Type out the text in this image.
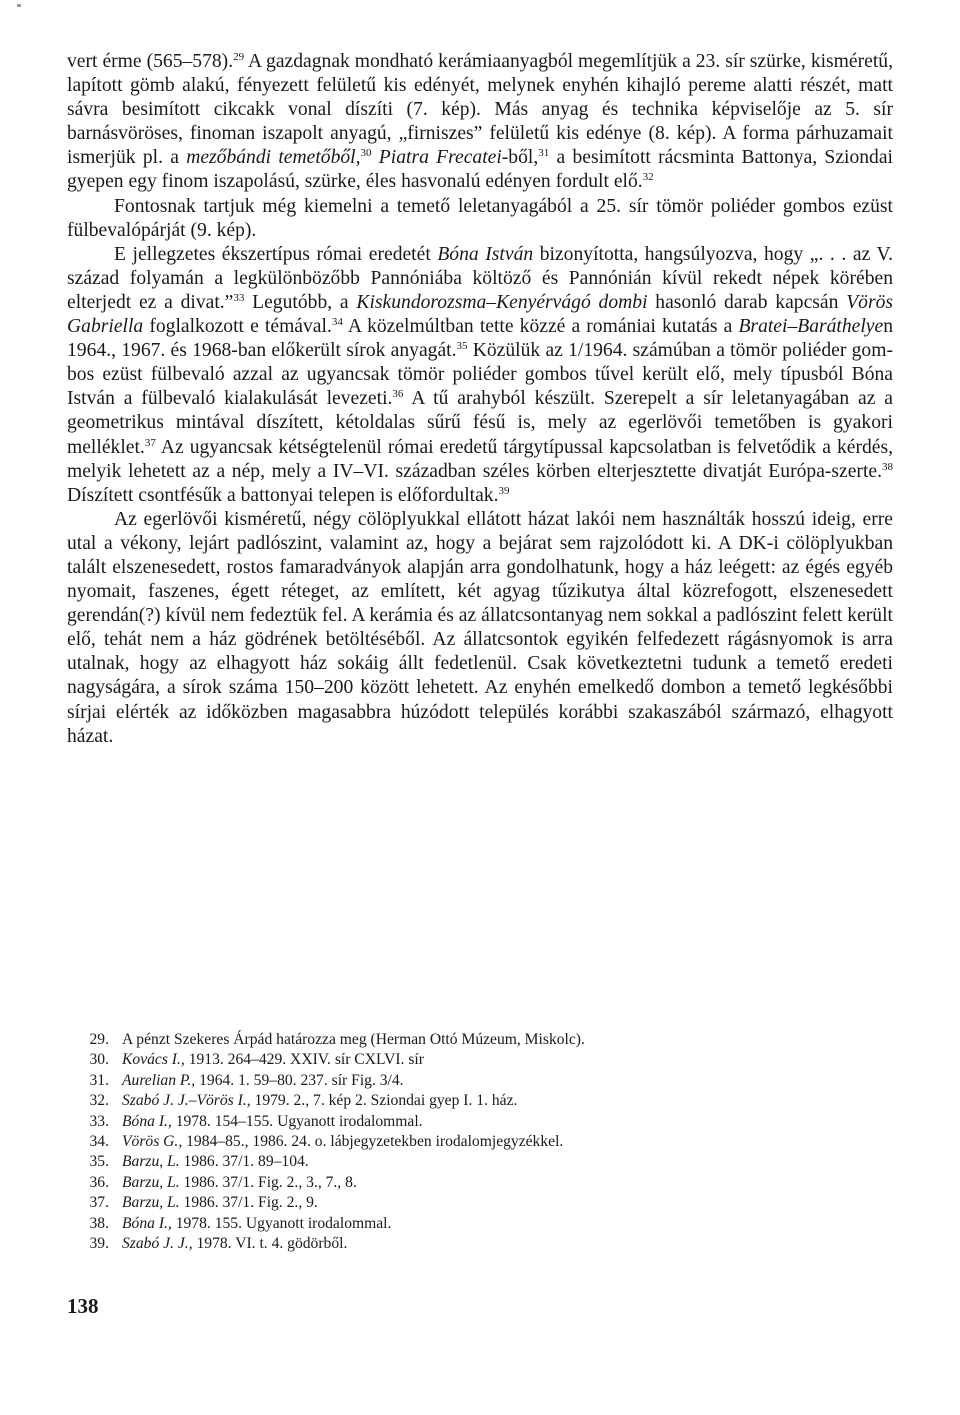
vert érme (565–578).$^{29}$ A gazdagnak mondható kerámiaanyagból megemlítjük a 23. sír szürke, kisméretű, lapított gömb alakú, fényezett felületű kis edényét, melynek enyhén kihajló pereme alatti részét, matt sávra besimított cikcakk vonal díszíti (7. kép). Más anyag és technika képviselője az 5. sír barnásvöröses, finoman iszapolt anyagú, „firniszes” felületű kis edénye (8. kép). A forma párhuzamait ismerjük pl. a mezőbándi temetőből,$^{30}$ Piatra Frecatei-ből,$^{31}$ a besimított rácsminta Battonya, Sziondai gyepen egy finom iszapolású, szürke, éles hasvonalú edényen fordult elő.$^{32}$

Fontosnak tartjuk még kiemelni a temető leletanyagából a 25. sír tömör poliéder gombos ezüst fülbevalópárját (9. kép).

E jellegzetes ékszertípus római eredetét Bóna István bizonyította, hangsúlyozva, hogy „. . . az V. század folyamán a legkülönbözőbb Pannóniába költöző és Pannónián kívül rekedt népek körében elterjedt ez a divat.”$^{33}$ Legutóbb, a Kiskundorozsma–Kenyérvágó dombi hasonló darab kapcsán Vörös Gabriella foglalkozott e témával.$^{34}$ A közelmúltban tette közzé a romániai kutatás a Bratei–Baráthelyen 1964., 1967. és 1968-ban előkerült sírok anyagát.$^{35}$ Közülük az 1/1964. számúban a tömör poliéder gombos ezüst fülbevaló azzal az ugyancsak tömör poliéder gombos tűvel került elő, mely típusból Bóna István a fülbevaló kialakulását levezeti.$^{36}$ A tű arahyból készült. Szerepelt a sír leletanyagában az a geometrikus mintával díszített, kétoldalas sűrű fésű is, mely az egerlövői temetőben is gyakori melléklet.$^{37}$ Az ugyancsak kétségtelenül római eredetű tárgytípussal kapcsolatban is felvetődik a kérdés, melyik lehetett az a nép, mely a IV–VI. században széles körben elterjesztette divatját Európa-szerte.$^{38}$ Díszített csontfésűk a battonyai telepen is előfordultak.$^{39}$

Az egerlövői kisméretű, négy cölöplyukkal ellátott házat lakói nem használták hosszú ideig, erre utal a vékony, lejárt padlószint, valamint az, hogy a bejárat sem rajzolódott ki. A DK-i cölöplyukban talált elszenesedett, rostos famaradványok alapján arra gondolhatunk, hogy a ház leégett: az égés egyéb nyomait, faszenes, égett réteget, az említett, két agyag tűzikutya által közrefogott, elszenesedett gerendán(?) kívül nem fedeztük fel. A kerámia és az állatcsontanyag nem sokkal a padlószint felett került elő, tehát nem a ház gödrének betöltéséből. Az állatcsontok egyikén felfedezett rágásnyomok is arra utalnak, hogy az elhagyott ház sokáig állt fedetlenül. Csak következtetni tudunk a temető eredeti nagyságára, a sírok száma 150–200 között lehetett. Az enyhén emelkedő dombon a temető legkésőbbi sírjai elérték az időközben magasabbra húzódott település korábbi szakaszából származó, elhagyott házat.

29. A pénzt Szekeres Árpád határozza meg (Herman Ottó Múzeum, Miskolc).
30. Kovács I., 1913. 264–429. XXIV. sír CXLVI. sír
31. Aurelian P., 1964. 1. 59–80. 237. sír Fig. 3/4.
32. Szabó J. J.–Vörös I., 1979. 2., 7. kép 2. Sziondai gyep I. 1. ház.
33. Bóna I., 1978. 154–155. Ugyanott irodalommal.
34. Vörös G., 1984–85., 1986. 24. o. lábjegyzetekben irodalomjegyzékkel.
35. Barzu, L. 1986. 37/1. 89–104.
36. Barzu, L. 1986. 37/1. Fig. 2., 3., 7., 8.
37. Barzu, L. 1986. 37/1. Fig. 2., 9.
38. Bóna I., 1978. 155. Ugyanott irodalommal.
39. Szabó J. J., 1978. VI. t. 4. gödörből.
138
